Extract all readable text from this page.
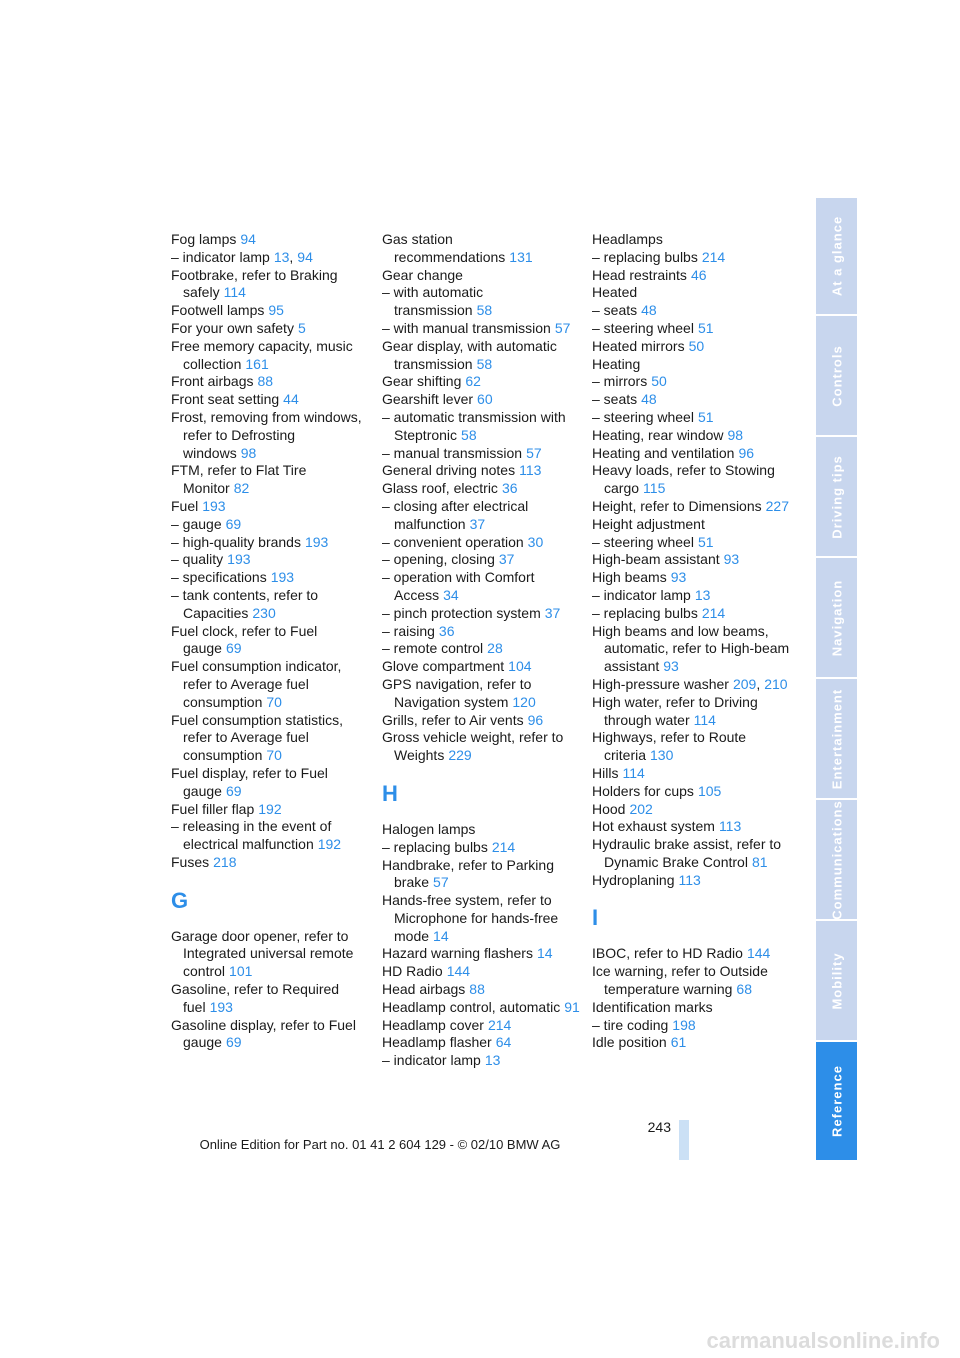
Fog lamps 94

– indicator lamp 13, 94

Footbrake, refer to Braking safely 114

Footwell lamps 95

For your own safety 5

Free memory capacity, music collection 161

Front airbags 88

Front seat setting 44

Frost, removing from windows, refer to Defrosting windows 98

FTM, refer to Flat Tire Monitor 82

Fuel 193

– gauge 69

– high-quality brands 193

– quality 193

– specifications 193

– tank contents, refer to Capacities 230

Fuel clock, refer to Fuel gauge 69

Fuel consumption indicator, refer to Average fuel consumption 70

Fuel consumption statistics, refer to Average fuel consumption 70

Fuel display, refer to Fuel gauge 69

Fuel filler flap 192

– releasing in the event of electrical malfunction 192

Fuses 218

G

Garage door opener, refer to Integrated universal remote control 101

Gasoline, refer to Required fuel 193

Gasoline display, refer to Fuel gauge 69

Gas station recommendations 131

Gear change

– with automatic transmission 58

– with manual transmission 57

Gear display, with automatic transmission 58

Gear shifting 62

Gearshift lever 60

– automatic transmission with Steptronic 58

– manual transmission 57

General driving notes 113

Glass roof, electric 36

– closing after electrical malfunction 37

– convenient operation 30

– opening, closing 37

– operation with Comfort Access 34

– pinch protection system 37

– raising 36

– remote control 28

Glove compartment 104

GPS navigation, refer to Navigation system 120

Grills, refer to Air vents 96

Gross vehicle weight, refer to Weights 229

H

Halogen lamps

– replacing bulbs 214

Handbrake, refer to Parking brake 57

Hands-free system, refer to Microphone for hands-free mode 14

Hazard warning flashers 14

HD Radio 144

Head airbags 88

Headlamp control, automatic 91

Headlamp cover 214

Headlamp flasher 64

– indicator lamp 13

Headlamps

– replacing bulbs 214

Head restraints 46

Heated

– seats 48

– steering wheel 51

Heated mirrors 50

Heating

– mirrors 50

– seats 48

– steering wheel 51

Heating, rear window 98

Heating and ventilation 96

Heavy loads, refer to Stowing cargo 115

Height, refer to Dimensions 227

Height adjustment

– steering wheel 51

High-beam assistant 93

High beams 93

– indicator lamp 13

– replacing bulbs 214

High beams and low beams, automatic, refer to High-beam assistant 93

High-pressure washer 209, 210

High water, refer to Driving through water 114

Highways, refer to Route criteria 130

Hills 114

Holders for cups 105

Hood 202

Hot exhaust system 113

Hydraulic brake assist, refer to Dynamic Brake Control 81

Hydroplaning 113

I

IBOC, refer to HD Radio 144

Ice warning, refer to Outside temperature warning 68

Identification marks

– tire coding 198

Idle position 61

At a glance
Controls
Driving tips
Navigation
Entertainment
Communications
Mobility
Reference
243
Online Edition for Part no. 01 41 2 604 129 - © 02/10 BMW AG
carmanualsonline.info
